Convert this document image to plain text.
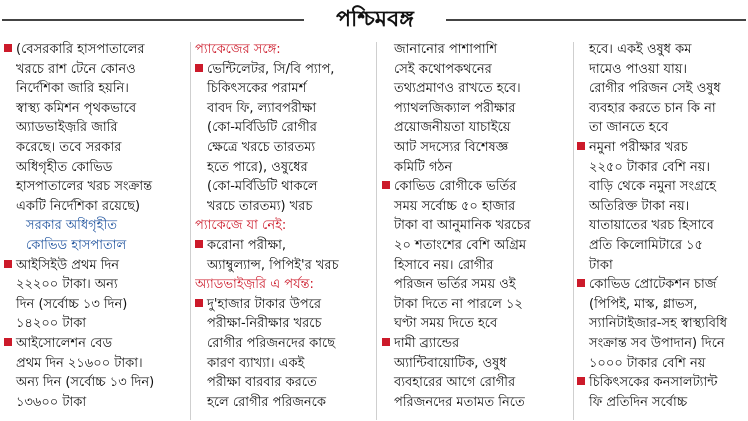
পশ্চিমবঙ্গ
(বেসরকারি হাসপাতালের
খরচে রাশ টেনে কোনও
নির্দেশিকা জারি হয়নি।
স্বাস্থ্য কমিশন পৃথকভাবে
অ্যাডভাইজ়রি জারি
করেছে। তবে সরকার
অধিগৃহীত কোভিড
হাসপাতালের খরচ সংক্রান্ত
একটি নির্দেশিকা রয়েছে)
সরকার অধিগৃহীত
কোভিড হাসপাতাল
আইসিইউ প্রথম দিন
২২২০০ টাকা। অন্য
দিন (সর্বোচ্চ ১৩ দিন)
১৪২০০ টাকা
আইসোলেশন বেড
প্রথম দিন ২১৬০০ টাকা।
অন্য দিন (সর্বোচ্চ ১৩ দিন)
১৩৬০০ টাকা
প্যাকেজের সঙ্গে:
ভেন্টিলেটর, সি/বি প্যাপ,
চিকিৎসকের পরামর্শ
বাবদ ফি, ল্যাবপরীক্ষা
(কো-মর্বিডিটি রোগীর
ক্ষেত্রে খরচে তারতম্য
হতে পারে), ওষুধের
(কো-মর্বিডিটি থাকলে
খরচে তারতম্য) খরচ
প্যাকেজে যা নেই:
করোনা পরীক্ষা,
অ্যাম্বুল্যান্স, পিপিই'র খরচ
অ্যাডভাইজ়রি এ পর্যন্ত:
দু'হাজার টাকার উপরে
পরীক্ষা-নিরীক্ষার খরচে
রোগীর পরিজনদের কাছে
কারণ ব্যাখ্যা। একই
পরীক্ষা বারবার করতে
হলে রোগীর পরিজনকে
জানানোর পাশাপাশি
সেই কথোপকথনের
তথ্যপ্রমাণও রাখতে হবে।
প্যাথলজিক্যাল পরীক্ষার
প্রয়োজনীয়তা যাচাইয়ে
আট সদস্যের বিশেষজ্ঞ
কমিটি গঠন
কোভিড রোগীকে ভর্তির
সময় সর্বোচ্চ ৫০ হাজার
টাকা বা আনুমানিক খরচের
২০ শতাংশের বেশি অগ্রিম
হিসাবে নয়। রোগীর
পরিজন ভর্তির সময় ওই
টাকা দিতে না পারলে ১২
ঘণ্টা সময় দিতে হবে
দামী ব্র্যান্ডের
অ্যান্টিবায়োটিক, ওষুধ
ব্যবহারের আগে রোগীর
পরিজনদের মতামত নিতে
হবে। একই ওষুধ কম
দামেও পাওয়া যায়।
রোগীর পরিজন সেই ওষুধ
ব্যবহার করতে চান কি না
তা জানতে হবে
নমুনা পরীক্ষার খরচ
২২৫০ টাকার বেশি নয়।
বাড়ি থেকে নমুনা সংগ্রহে
অতিরিক্ত টাকা নয়।
যাতায়াতের খরচ হিসাবে
প্রতি কিলোমিটারে ১৫
টাকা
কোভিড প্রোটেকশন চার্জ
(পিপিই, মাস্ক, গ্লাভস,
স্যানিটাইজার-সহ স্বাস্থ্যবিধি
সংক্রান্ত সব উপাদান) দিনে
১০০০ টাকার বেশি নয়
চিকিৎসকের কনসালট্যান্ট
ফি প্রতিদিন সর্বোচ্চ
